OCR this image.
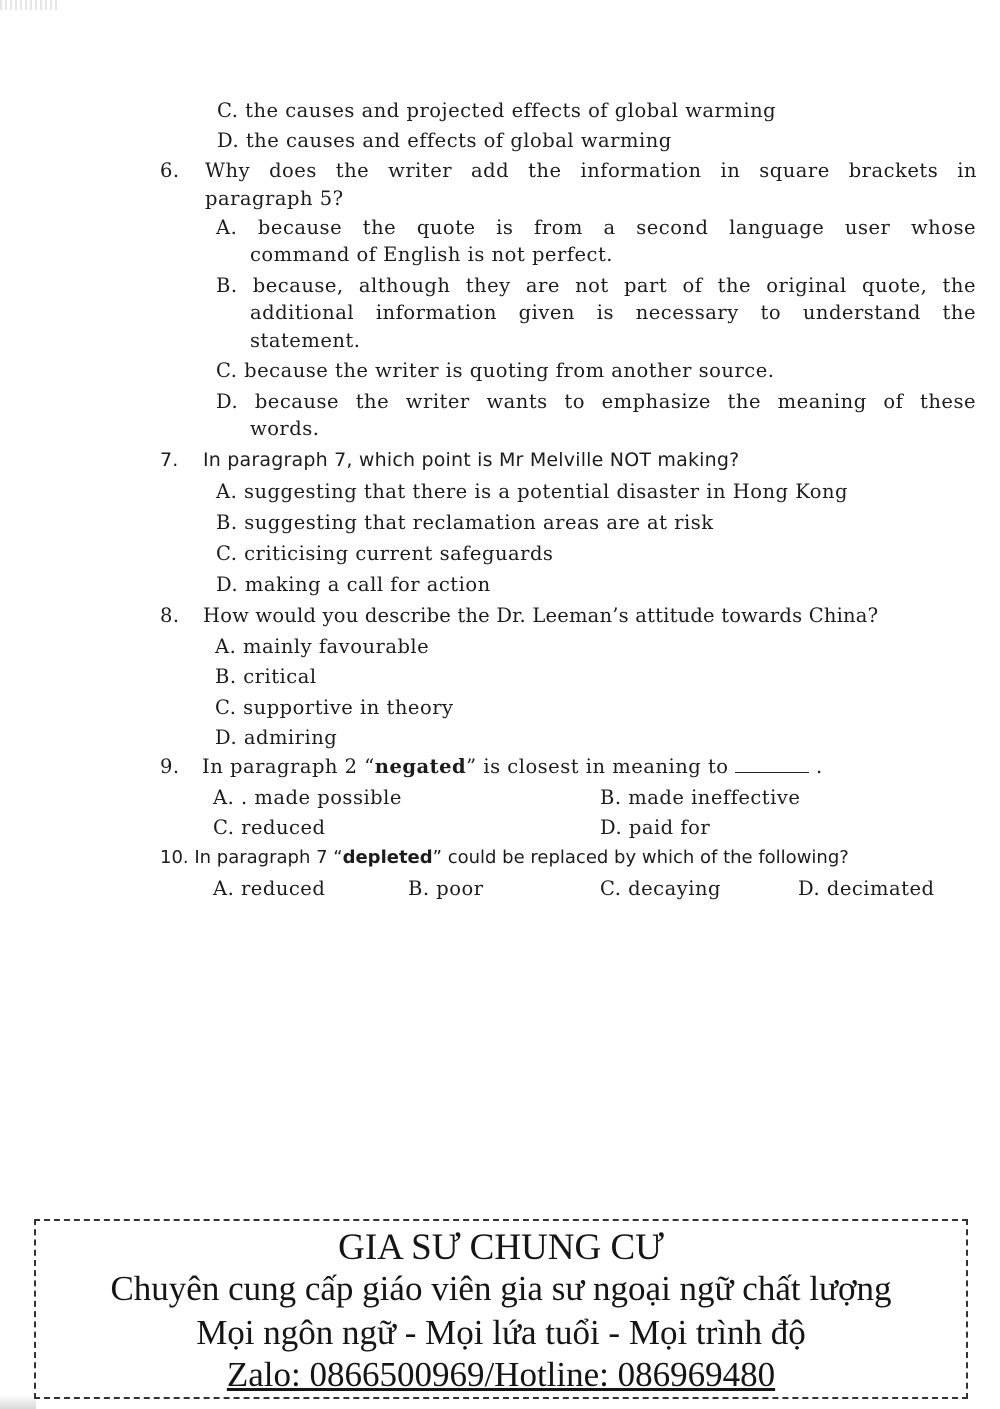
C. the causes and projected effects of global warming
D. the causes and effects of global warming
6. Why does the writer add the information in square brackets in
paragraph 5?
A. because the quote is from a second language user whose
command of English is not perfect.
B. because, although they are not part of the original quote, the
additional information given is necessary to understand the
statement.
C. because the writer is quoting from another source.
D. because the writer wants to emphasize the meaning of these
words.
7. In paragraph 7, which point is Mr Melville NOT making?
A. suggesting that there is a potential disaster in Hong Kong
B. suggesting that reclamation areas are at risk
C. criticising current safeguards
D. making a call for action
8. How would you describe the Dr. Leeman’s attitude towards China?
A. mainly favourable
B. critical
C. supportive in theory
D. admiring
9. In paragraph 2 “negated” is closest in meaning to	.
A. . made possible	B. made ineffective
C. reduced	D. paid for
10. In paragraph 7 “depleted” could be replaced by which of the following?
A. reduced	B. poor	C. decaying	D. decimated
GIA SƯ CHUNG CƯ
Chuyên cung cấp giáo viên gia sư ngoại ngữ chất lượng
Mọi ngôn ngữ - Mọi lứa tuổi - Mọi trình độ
Zalo: 0866500969/Hotline: 086969480
